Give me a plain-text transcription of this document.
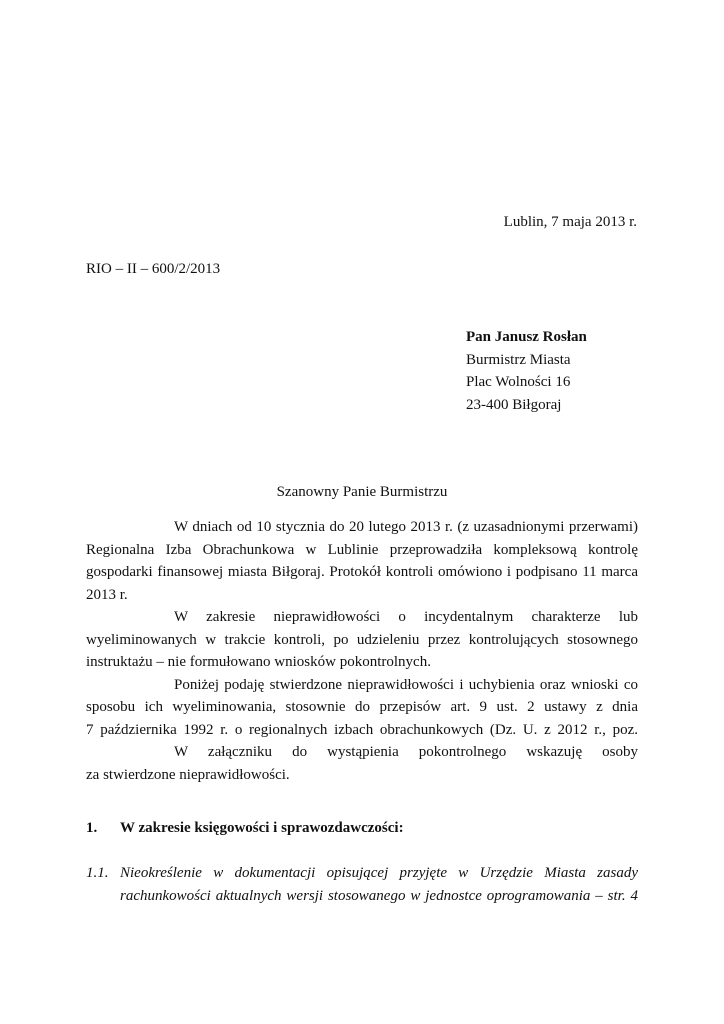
Lublin, 7 maja 2013 r.
RIO – II – 600/2/2013
Pan Janusz Rosłan
Burmistrz Miasta
Plac Wolności 16
23-400 Biłgoraj
Szanowny Panie Burmistrzu

W dniach od 10 stycznia do 20 lutego 2013 r. (z uzasadnionymi przerwami)
Regionalna Izba Obrachunkowa w Lublinie przeprowadziła kompleksową kontrolę
gospodarki finansowej miasta Biłgoraj. Protokół kontroli omówiono i podpisano 11 marca
2013 r.

W zakresie nieprawidłowości o incydentalnym charakterze lub
wyeliminowanych w trakcie kontroli, po udzieleniu przez kontrolujących stosownego
instruktażu – nie formułowano wniosków pokontrolnych.

Poniżej podaję stwierdzone nieprawidłowości i uchybienia oraz wnioski co
sposobu ich wyeliminowania, stosownie do przepisów art. 9 ust. 2 ustawy z dnia
7 października 1992 r. o regionalnych izbach obrachunkowych (Dz. U. z 2012 r., poz.

W załączniku do wystąpienia pokontrolnego wskazuję osoby
za stwierdzone nieprawidłowości.

1. W zakresie księgowości i sprawozdawczości:
1.1. Nieokreślenie w dokumentacji opisującej przyjęte w Urzędzie Miasta zasady
rachunkowości aktualnych wersji stosowanego w jednostce oprogramowania – str. 4
